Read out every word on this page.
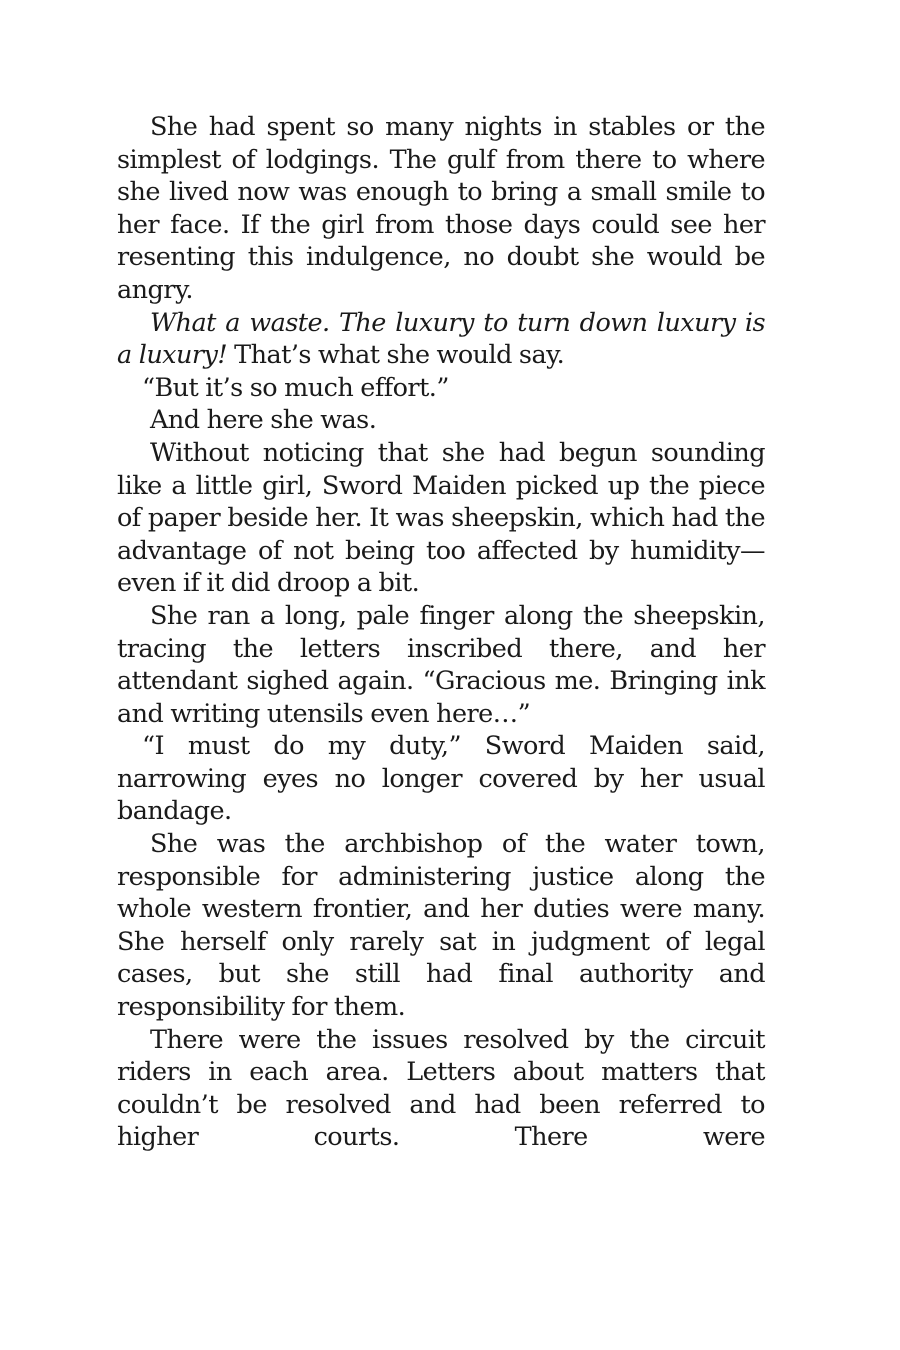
She had spent so many nights in stables or the simplest of lodgings. The gulf from there to where she lived now was enough to bring a small smile to her face. If the girl from those days could see her resenting this indulgence, no doubt she would be angry.

What a waste. The luxury to turn down luxury is a luxury! That’s what she would say.

“But it’s so much effort.”

And here she was.

Without noticing that she had begun sounding like a little girl, Sword Maiden picked up the piece of paper beside her. It was sheepskin, which had the advantage of not being too affected by humidity—even if it did droop a bit.

She ran a long, pale finger along the sheepskin, tracing the letters inscribed there, and her attendant sighed again. “Gracious me. Bringing ink and writing utensils even here…”

“I must do my duty,” Sword Maiden said, narrowing eyes no longer covered by her usual bandage.

She was the archbishop of the water town, responsible for administering justice along the whole western frontier, and her duties were many. She herself only rarely sat in judgment of legal cases, but she still had final authority and responsibility for them.

There were the issues resolved by the circuit riders in each area. Letters about matters that couldn’t be resolved and had been referred to higher courts. There were
